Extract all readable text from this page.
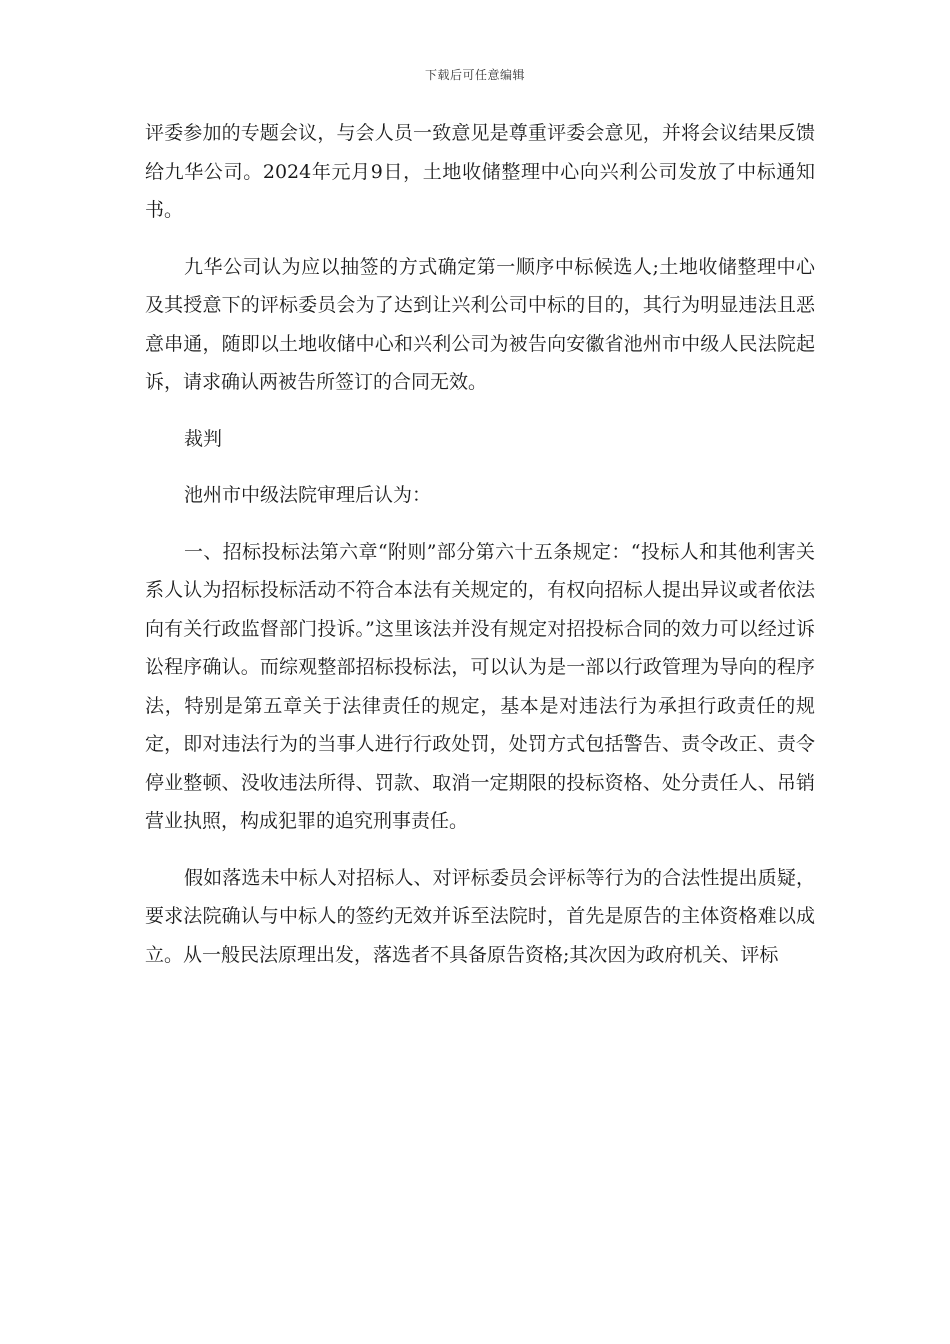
下载后可任意编辑

评委参加的专题会议，与会人员一致意见是尊重评委会意见，并将会议结果反馈给九华公司。2024年元月9日，土地收储整理中心向兴利公司发放了中标通知书。

九华公司认为应以抽签的方式确定第一顺序中标候选人;土地收储整理中心及其授意下的评标委员会为了达到让兴利公司中标的目的，其行为明显违法且恶意串通，随即以土地收储中心和兴利公司为被告向安徽省池州市中级人民法院起诉，请求确认两被告所签订的合同无效。

裁判

池州市中级法院审理后认为：

一、招标投标法第六章“附则”部分第六十五条规定：“投标人和其他利害关系人认为招标投标活动不符合本法有关规定的，有权向招标人提出异议或者依法向有关行政监督部门投诉。”这里该法并没有规定对招投标合同的效力可以经过诉讼程序确认。而综观整部招标投标法，可以认为是一部以行政管理为导向的程序法，特别是第五章关于法律责任的规定，基本是对违法行为承担行政责任的规定，即对违法行为的当事人进行行政处罚，处罚方式包括警告、责令改正、责令停业整顿、没收违法所得、罚款、取消一定期限的投标资格、处分责任人、吊销营业执照，构成犯罪的追究刑事责任。

假如落选未中标人对招标人、对评标委员会评标等行为的合法性提出质疑，要求法院确认与中标人的签约无效并诉至法院时，首先是原告的主体资格难以成立。从一般民法原理出发，落选者不具备原告资格;其次因为政府机关、评标
